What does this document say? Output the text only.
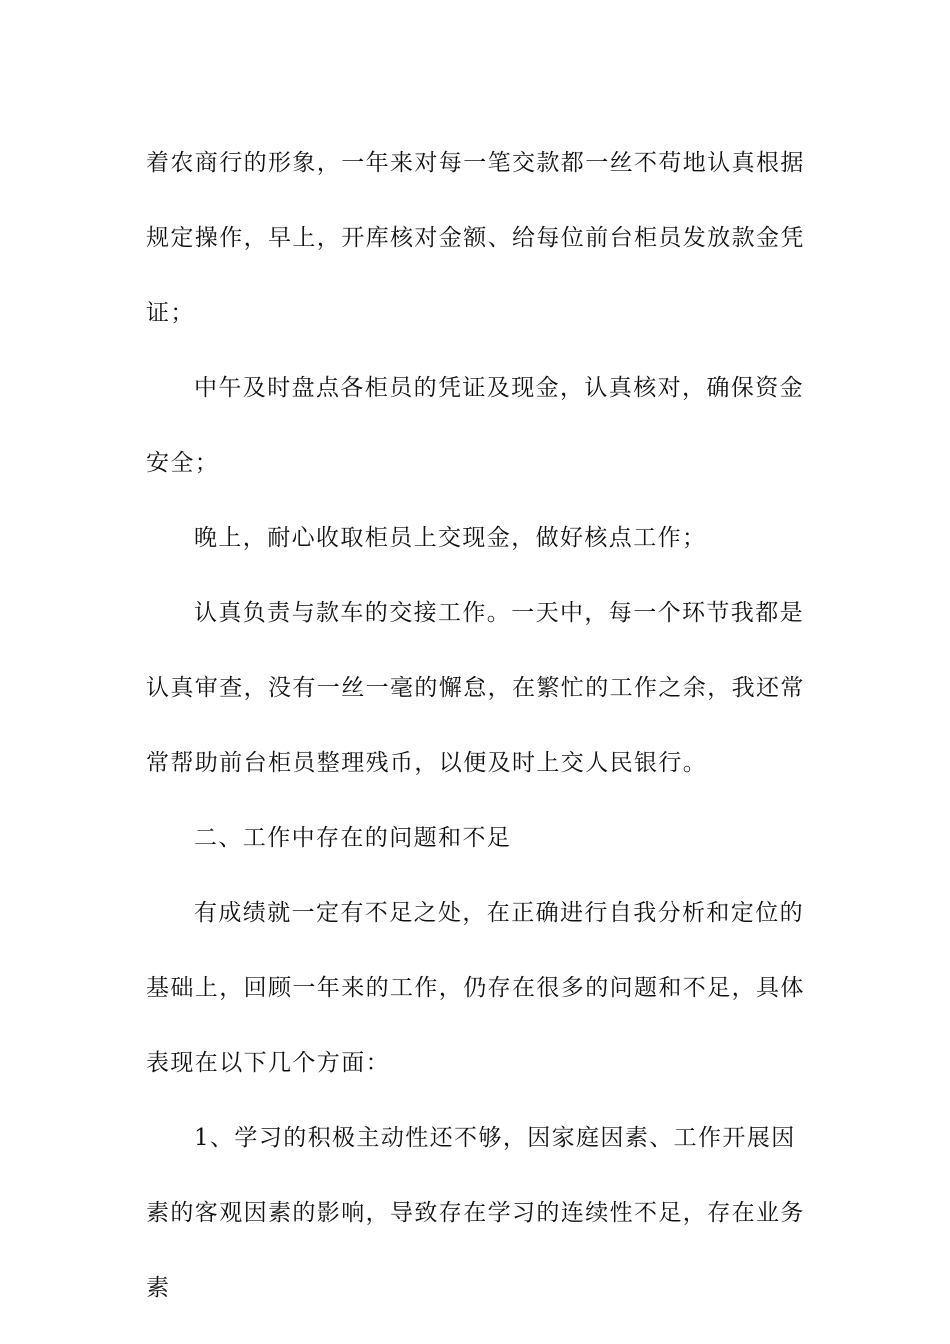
着农商行的形象，一年来对每一笔交款都一丝不苟地认真根据规定操作，早上，开库核对金额、给每位前台柜员发放款金凭证；

中午及时盘点各柜员的凭证及现金，认真核对，确保资金安全；

晚上，耐心收取柜员上交现金，做好核点工作；

认真负责与款车的交接工作。一天中，每一个环节我都是认真审查，没有一丝一毫的懈怠，在繁忙的工作之余，我还常常帮助前台柜员整理残币，以便及时上交人民银行。

二、工作中存在的问题和不足

有成绩就一定有不足之处，在正确进行自我分析和定位的基础上，回顾一年来的工作，仍存在很多的问题和不足，具体表现在以下几个方面：

1、学习的积极主动性还不够，因家庭因素、工作开展因素的客观因素的影响，导致存在学习的连续性不足，存在业务素
